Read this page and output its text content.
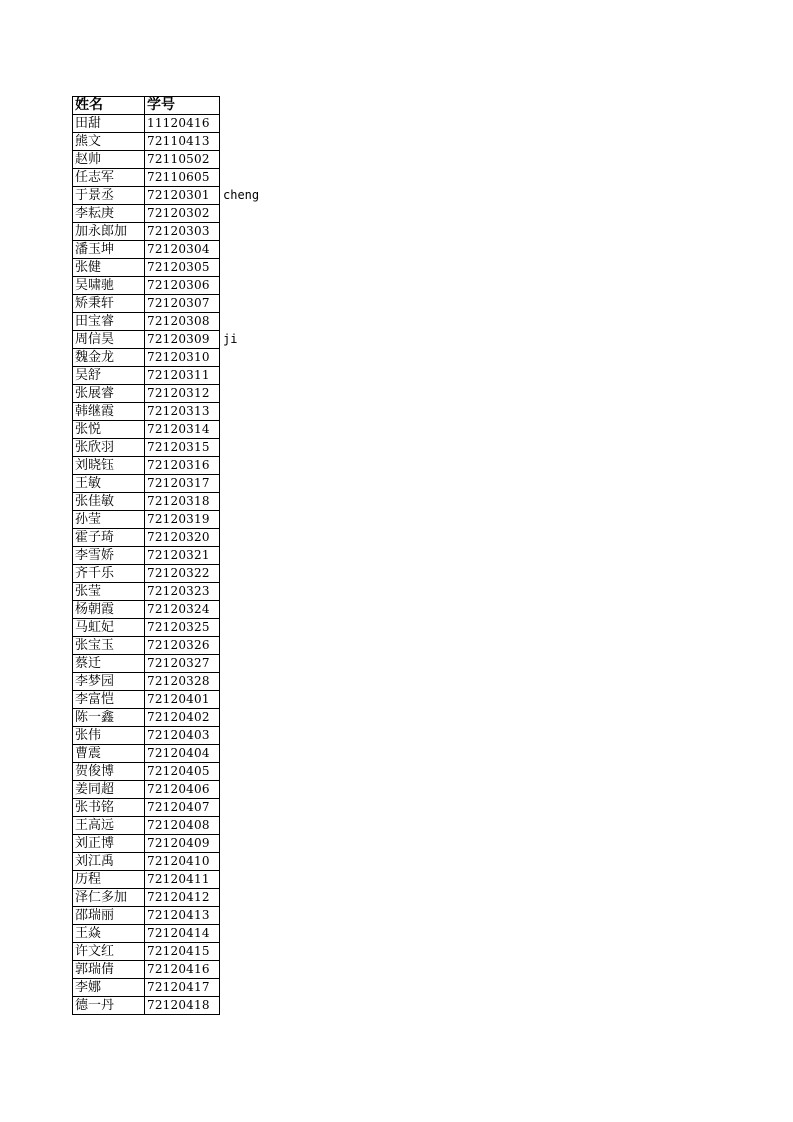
姓名	学号
田甜	11120416
熊文	72110413
赵帅	72110502
任志军	72110605
于景丞	72120301
李耘庚	72120302
加永郎加	72120303
潘玉坤	72120304
张健	72120305
吴啸驰	72120306
矫秉轩	72120307
田宝睿	72120308
周信昊	72120309
魏金龙	72120310
吴舒	72120311
张展睿	72120312
韩继霞	72120313
张悦	72120314
张欣羽	72120315
刘晓钰	72120316
王敏	72120317
张佳敏	72120318
孙莹	72120319
霍子琦	72120320
李雪娇	72120321
齐千乐	72120322
张莹	72120323
杨朝霞	72120324
马虹妃	72120325
张宝玉	72120326
蔡迁	72120327
李梦园	72120328
李富恺	72120401
陈一鑫	72120402
张伟	72120403
曹震	72120404
贺俊博	72120405
姜同超	72120406
张书铭	72120407
王高远	72120408
刘正博	72120409
刘江禹	72120410
历程	72120411
泽仁多加	72120412
邵瑞丽	72120413
王焱	72120414
许文红	72120415
郭瑞倩	72120416
李娜	72120417
德一丹	72120418
cheng
ji
